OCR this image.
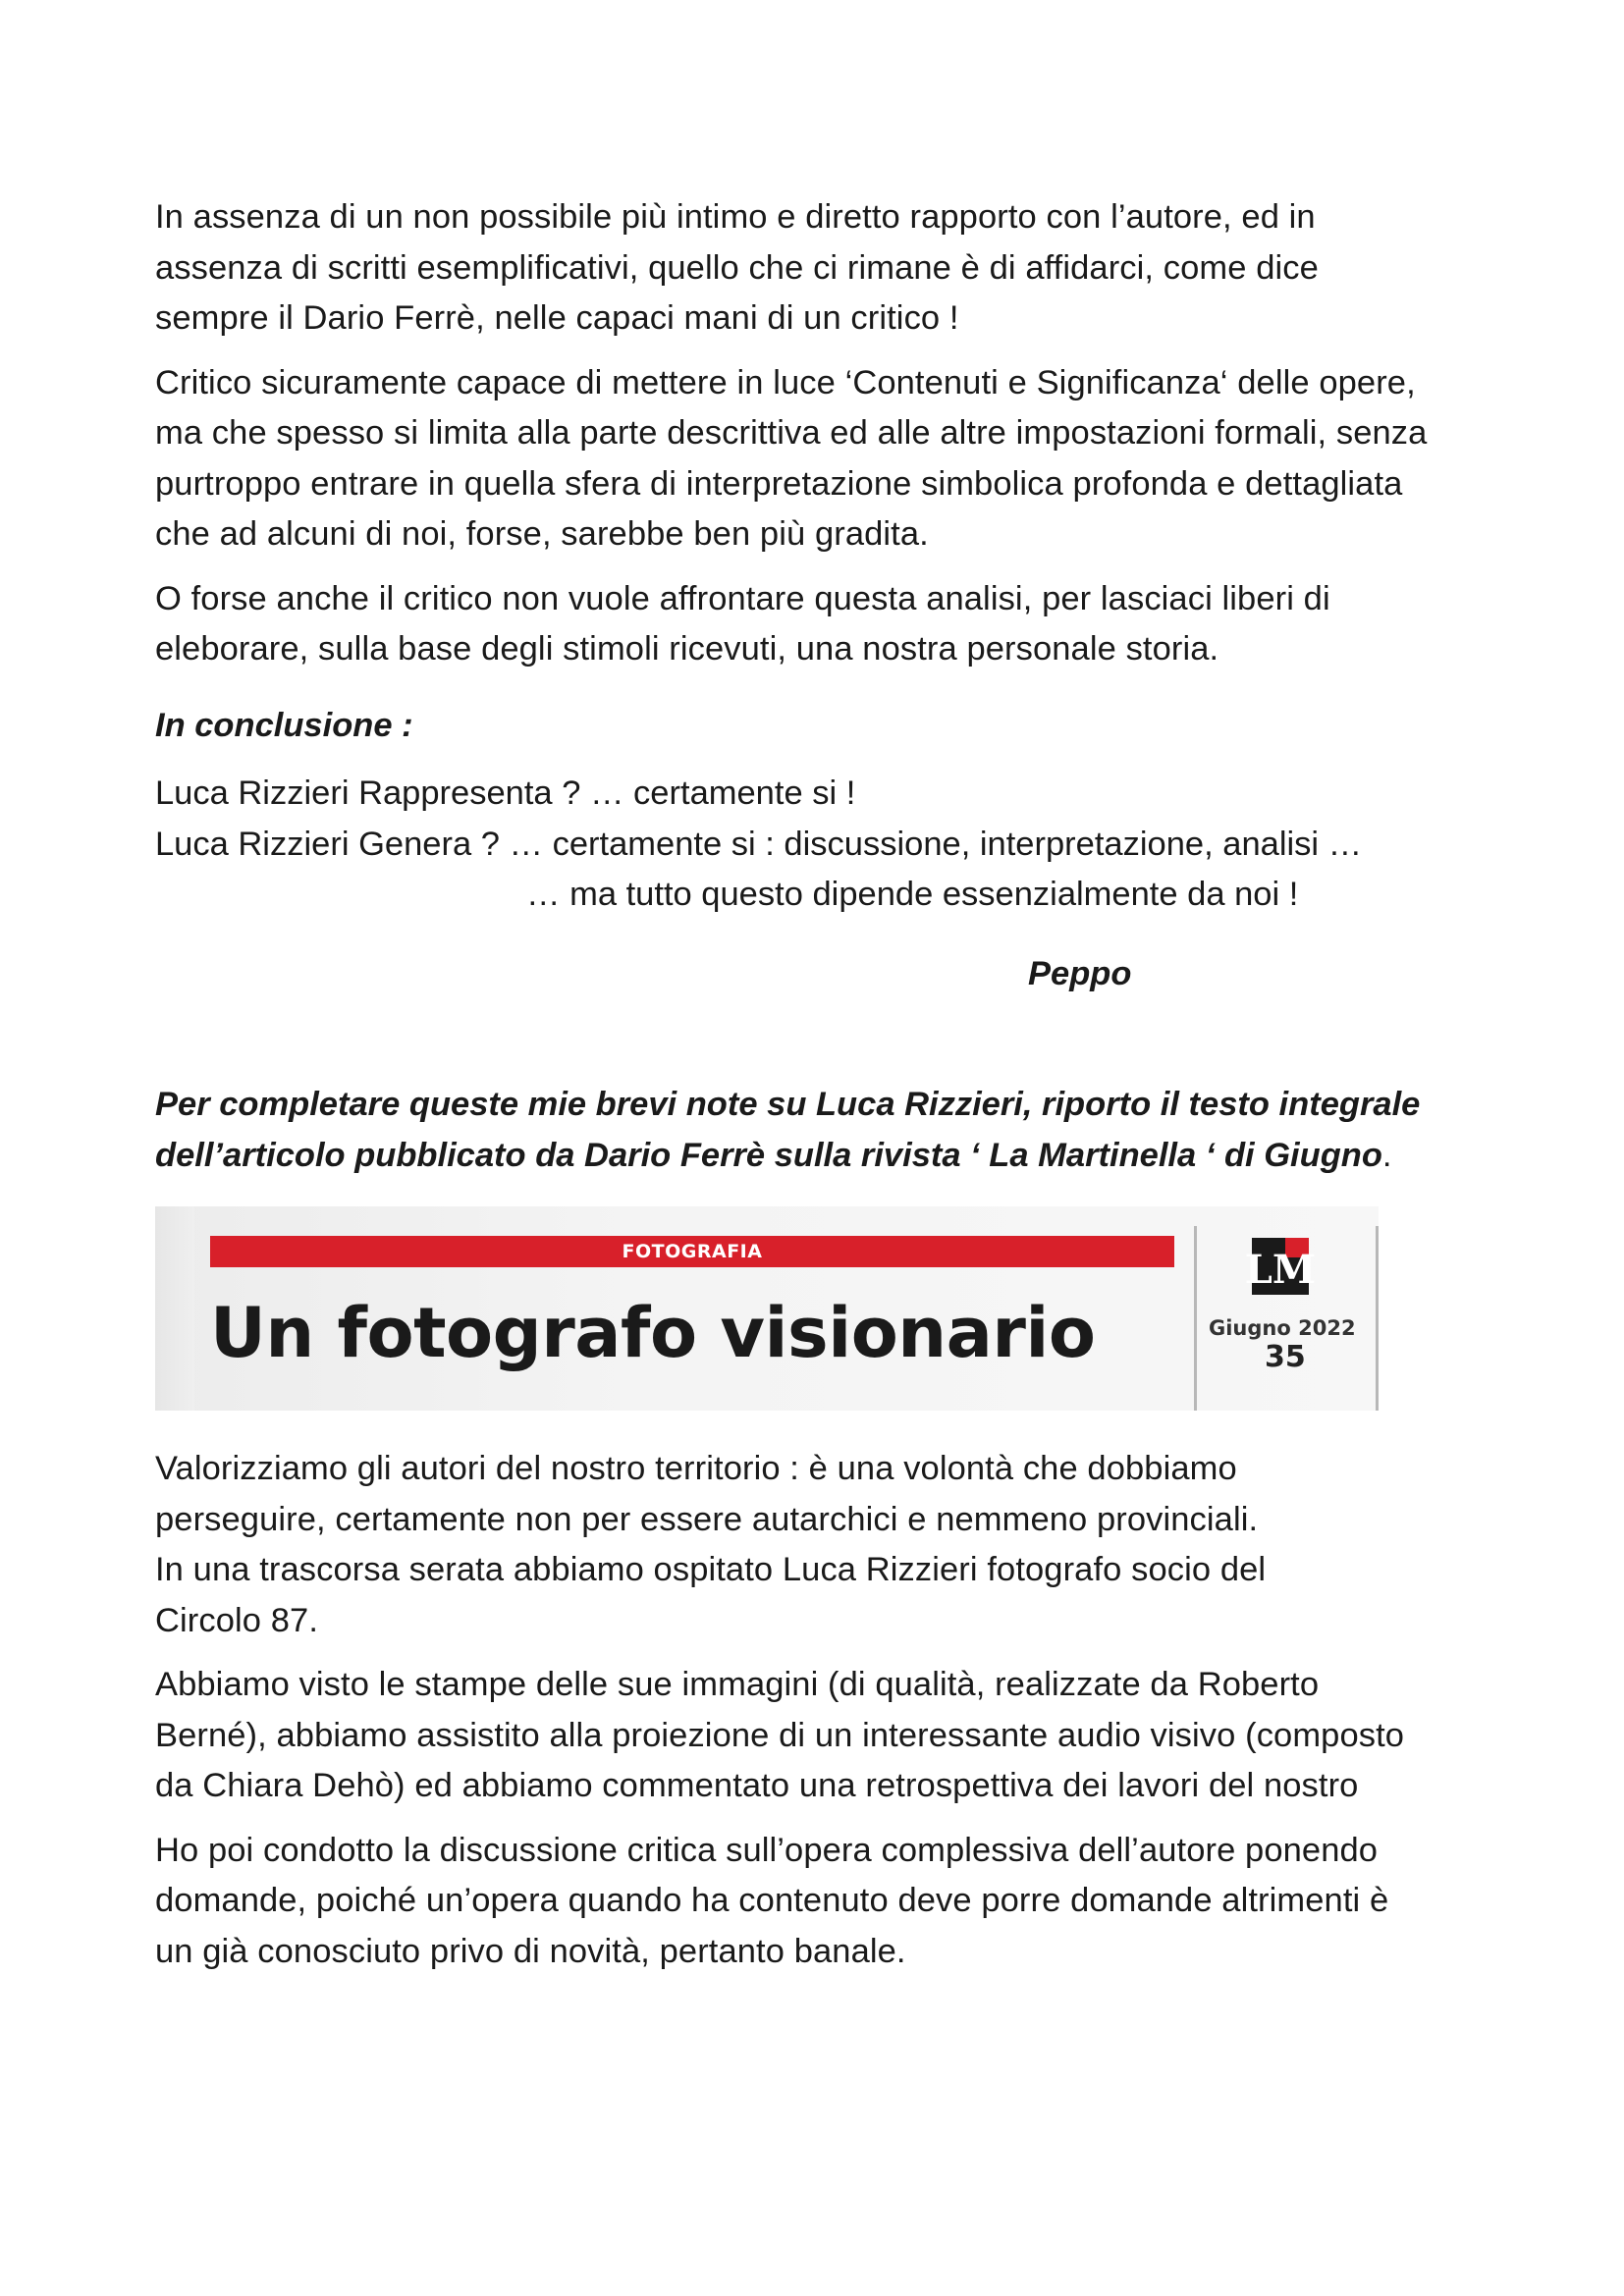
In assenza di un non possibile più intimo e diretto rapporto con l’autore, ed in
assenza di scritti esemplificativi, quello che ci rimane è di affidarci, come dice
sempre il Dario Ferrè, nelle capaci mani di un critico !

Critico sicuramente capace di mettere in luce ‘Contenuti e Significanza‘ delle opere,
ma che spesso si limita alla parte descrittiva ed alle altre impostazioni formali, senza
purtroppo entrare in quella sfera di interpretazione simbolica profonda e dettagliata
che ad alcuni di noi, forse, sarebbe ben più gradita.

O forse anche il critico non vuole affrontare questa analisi, per lasciaci liberi di
eleborare, sulla base degli stimoli ricevuti, una nostra personale storia.

In conclusione :

Luca Rizzieri Rappresenta ? … certamente si !
Luca Rizzieri Genera ? … certamente si : discussione, interpretazione, analisi …
… ma tutto questo dipende essenzialmente da noi !

Peppo

Per completare queste mie brevi note su Luca Rizzieri, riporto il testo integrale
dell’articolo pubblicato da Dario Ferrè sulla rivista ‘ La Martinella ‘ di Giugno.

FOTOGRAFIA
Un fotografo visionario
LM
Giugno 2022
35

Valorizziamo gli autori del nostro territorio : è una volontà che dobbiamo
perseguire, certamente non per essere autarchici e nemmeno provinciali.
In una trascorsa serata abbiamo ospitato Luca Rizzieri fotografo socio del
Circolo 87.

Abbiamo visto le stampe delle sue immagini (di qualità, realizzate da Roberto
Berné), abbiamo assistito alla proiezione di un interessante audio visivo (composto
da Chiara Dehò) ed abbiamo commentato una retrospettiva dei lavori del nostro

Ho poi condotto la discussione critica sull’opera complessiva dell’autore ponendo
domande, poiché un’opera quando ha contenuto deve porre domande altrimenti è
un già conosciuto privo di novità, pertanto banale.
